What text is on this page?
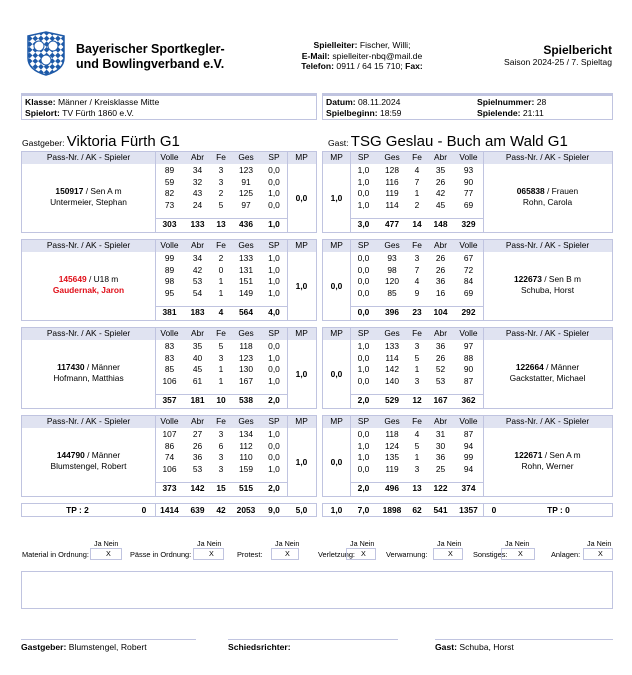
Bayerischer Sportkegler-
und Bowlingverband e.V.
Spielleiter: Fischer, Willi;
E-Mail: spielleiter-nbq@mail.de
Telefon: 0911 / 64 15 710; Fax:
Spielbericht
Saison 2024-25 / 7. Spieltag
Klasse: Männer / Kreisklasse Mitte
Spielort: TV Fürth 1860 e.V.
Datum: 08.11.2024
Spielbeginn: 18:59
Spielnummer: 28
Spielende: 21:11
Gastgeber: Viktoria Fürth G1	Gast: TSG Geslau - Buch am Wald G1
Pass-Nr. / AK - Spieler	Volle	Abr	Fe	Ges	SP	MP
150917 / Sen A m
Untermeier, Stephan
89	34	3	123	0,0
59	32	3	91	0,0
82	43	2	125	1,0
73	24	5	97	0,0
303	133	13	436	1,0
0,0
MP	SP	Ges	Fe	Abr	Volle	Pass-Nr. / AK - Spieler
1,0
1,0	128	4	35	93
1,0	116	7	26	90
0,0	119	1	42	77
1,0	114	2	45	69
3,0	477	14	148	329
065838 / Frauen
Rohn, Carola
Pass-Nr. / AK - Spieler	Volle	Abr	Fe	Ges	SP	MP
145649 / U18 m
Gaudernak, Jaron
99	34	2	133	1,0
89	42	0	131	1,0
98	53	1	151	1,0
95	54	1	149	1,0
381	183	4	564	4,0
1,0
MP	SP	Ges	Fe	Abr	Volle	Pass-Nr. / AK - Spieler
0,0
0,0	93	3	26	67
0,0	98	7	26	72
0,0	120	4	36	84
0,0	85	9	16	69
0,0	396	23	104	292
122673 / Sen B m
Schuba, Horst
Pass-Nr. / AK - Spieler	Volle	Abr	Fe	Ges	SP	MP
117430 / Männer
Hofmann, Matthias
83	35	5	118	0,0
83	40	3	123	1,0
85	45	1	130	0,0
106	61	1	167	1,0
357	181	10	538	2,0
1,0
MP	SP	Ges	Fe	Abr	Volle	Pass-Nr. / AK - Spieler
0,0
1,0	133	3	36	97
0,0	114	5	26	88
1,0	142	1	52	90
0,0	140	3	53	87
2,0	529	12	167	362
122664 / Männer
Gackstatter, Michael
Pass-Nr. / AK - Spieler	Volle	Abr	Fe	Ges	SP	MP
144790 / Männer
Blumstengel, Robert
107	27	3	134	1,0
86	26	6	112	0,0
74	36	3	110	0,0
106	53	3	159	1,0
373	142	15	515	2,0
1,0
MP	SP	Ges	Fe	Abr	Volle	Pass-Nr. / AK - Spieler
0,0
0,0	118	4	31	87
1,0	124	5	30	94
1,0	135	1	36	99
0,0	119	3	25	94
2,0	496	13	122	374
122671 / Sen A m
Rohn, Werner
TP : 2	0	1414	639	42	2053	9,0	5,0	1,0	7,0	1898	62	541	1357	0	TP : 0
Material in Ordnung:
Ja Nein
X	Pässe in Ordnung:
Ja Nein
X	Protest:
Ja Nein
X	Verletzung:
Ja Nein
X	Verwarnung:
Ja Nein
X	Sonstiges:
Ja Nein
X	Anlagen:
Ja Nein
X
Gastgeber: Blumstengel, Robert	Schiedsrichter:	Gast: Schuba, Horst
